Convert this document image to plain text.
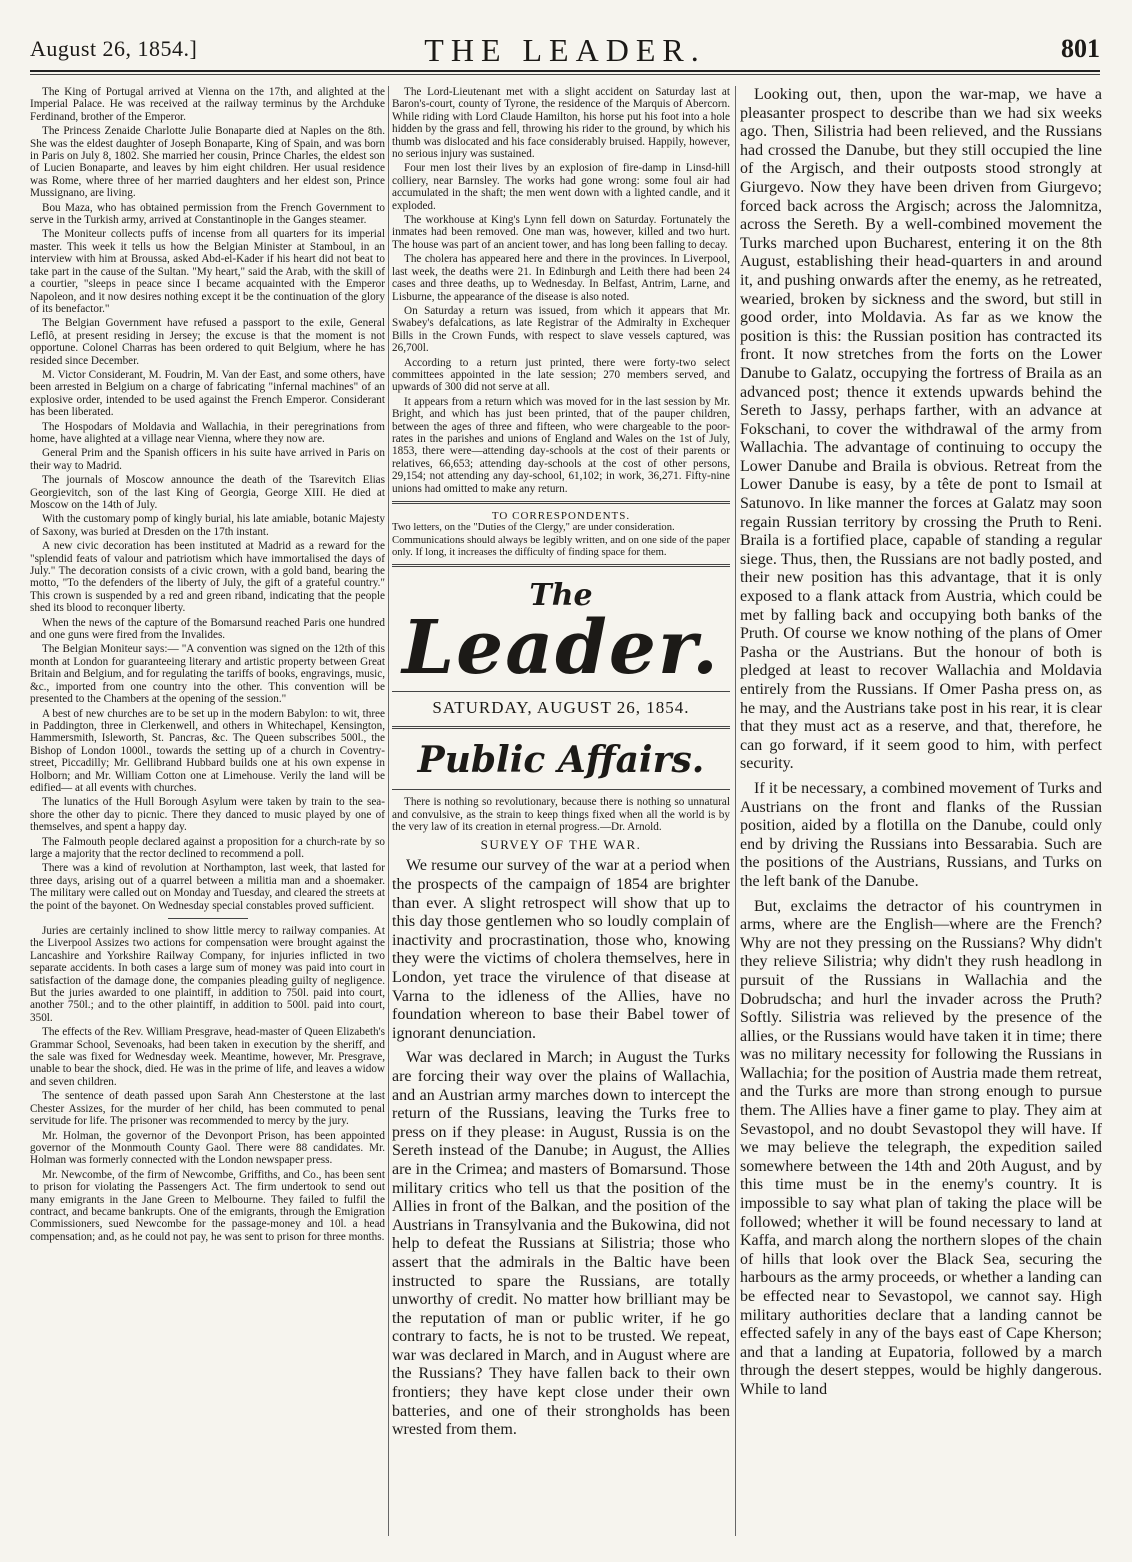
August 26, 1854.]	THE LEADER.	801

The King of Portugal arrived at Vienna on the 17th, and alighted at the Imperial Palace. He was received at the railway terminus by the Archduke Ferdinand, brother of the Emperor.

The Princess Zenaide Charlotte Julie Bonaparte died at Naples on the 8th. She was the eldest daughter of Joseph Bonaparte, King of Spain, and was born in Paris on July 8, 1802. She married her cousin, Prince Charles, the eldest son of Lucien Bonaparte, and leaves by him eight children. Her usual residence was Rome, where three of her married daughters and her eldest son, Prince Mussignano, are living.

Bou Maza, who has obtained permission from the French Government to serve in the Turkish army, arrived at Constantinople in the Ganges steamer.

The Moniteur collects puffs of incense from all quarters for its imperial master. This week it tells us how the Belgian Minister at Stamboul, in an interview with him at Broussa, asked Abd-el-Kader if his heart did not beat to take part in the cause of the Sultan. "My heart," said the Arab, with the skill of a courtier, "sleeps in peace since I became acquainted with the Emperor Napoleon, and it now desires nothing except it be the continuation of the glory of its benefactor."

The Belgian Government have refused a passport to the exile, General Leflô, at present residing in Jersey; the excuse is that the moment is not opportune. Colonel Charras has been ordered to quit Belgium, where he has resided since December.

M. Victor Considerant, M. Foudrin, M. Van der East, and some others, have been arrested in Belgium on a charge of fabricating "infernal machines" of an explosive order, intended to be used against the French Emperor. Considerant has been liberated.

The Hospodars of Moldavia and Wallachia, in their peregrinations from home, have alighted at a village near Vienna, where they now are.

General Prim and the Spanish officers in his suite have arrived in Paris on their way to Madrid.

The journals of Moscow announce the death of the Tsarevitch Elias Georgievitch, son of the last King of Georgia, George XIII. He died at Moscow on the 14th of July.

With the customary pomp of kingly burial, his late amiable, botanic Majesty of Saxony, was buried at Dresden on the 17th instant.

A new civic decoration has been instituted at Madrid as a reward for the "splendid feats of valour and patriotism which have immortalised the days of July." The decoration consists of a civic crown, with a gold band, bearing the motto, "To the defenders of the liberty of July, the gift of a grateful country." This crown is suspended by a red and green riband, indicating that the people shed its blood to reconquer liberty.

When the news of the capture of the Bomarsund reached Paris one hundred and one guns were fired from the Invalides.

The Belgian Moniteur says:— "A convention was signed on the 12th of this month at London for guaranteeing literary and artistic property between Great Britain and Belgium, and for regulating the tariffs of books, engravings, music, &c., imported from one country into the other. This convention will be presented to the Chambers at the opening of the session."

A best of new churches are to be set up in the modern Babylon: to wit, three in Paddington, three in Clerkenwell, and others in Whitechapel, Kensington, Hammersmith, Isleworth, St. Pancras, &c. The Queen subscribes 500l., the Bishop of London 1000l., towards the setting up of a church in Coventry-street, Piccadilly; Mr. Gellibrand Hubbard builds one at his own expense in Holborn; and Mr. William Cotton one at Limehouse. Verily the land will be edified— at all events with churches.

The lunatics of the Hull Borough Asylum were taken by train to the sea-shore the other day to picnic. There they danced to music played by one of themselves, and spent a happy day.

The Falmouth people declared against a proposition for a church-rate by so large a majority that the rector declined to recommend a poll.

There was a kind of revolution at Northampton, last week, that lasted for three days, arising out of a quarrel between a militia man and a shoemaker. The military were called out on Monday and Tuesday, and cleared the streets at the point of the bayonet. On Wednesday special constables proved sufficient.

Juries are certainly inclined to show little mercy to railway companies. At the Liverpool Assizes two actions for compensation were brought against the Lancashire and Yorkshire Railway Company, for injuries inflicted in two separate accidents. In both cases a large sum of money was paid into court in satisfaction of the damage done, the companies pleading guilty of negligence. But the juries awarded to one plaintiff, in addition to 750l. paid into court, another 750l.; and to the other plaintiff, in addition to 500l. paid into court, 350l.

The effects of the Rev. William Presgrave, head-master of Queen Elizabeth's Grammar School, Sevenoaks, had been taken in execution by the sheriff, and the sale was fixed for Wednesday week. Meantime, however, Mr. Presgrave, unable to bear the shock, died. He was in the prime of life, and leaves a widow and seven children.

The sentence of death passed upon Sarah Ann Chesterstone at the last Chester Assizes, for the murder of her child, has been commuted to penal servitude for life. The prisoner was recommended to mercy by the jury.

Mr. Holman, the governor of the Devonport Prison, has been appointed governor of the Monmouth County Gaol. There were 88 candidates. Mr. Holman was formerly connected with the London newspaper press.

Mr. Newcombe, of the firm of Newcombe, Griffiths, and Co., has been sent to prison for violating the Passengers Act. The firm undertook to send out many emigrants in the Jane Green to Melbourne. They failed to fulfil the contract, and became bankrupts. One of the emigrants, through the Emigration Commissioners, sued Newcombe for the passage-money and 10l. a head compensation; and, as he could not pay, he was sent to prison for three months.

The Lord-Lieutenant met with a slight accident on Saturday last at Baron's-court, county of Tyrone, the residence of the Marquis of Abercorn. While riding with Lord Claude Hamilton, his horse put his foot into a hole hidden by the grass and fell, throwing his rider to the ground, by which his thumb was dislocated and his face considerably bruised. Happily, however, no serious injury was sustained.

Four men lost their lives by an explosion of fire-damp in Linsd-hill colliery, near Barnsley. The works had gone wrong: some foul air had accumulated in the shaft; the men went down with a lighted candle, and it exploded.

The workhouse at King's Lynn fell down on Saturday. Fortunately the inmates had been removed. One man was, however, killed and two hurt. The house was part of an ancient tower, and has long been falling to decay.

The cholera has appeared here and there in the provinces. In Liverpool, last week, the deaths were 21. In Edinburgh and Leith there had been 24 cases and three deaths, up to Wednesday. In Belfast, Antrim, Larne, and Lisburne, the appearance of the disease is also noted.

On Saturday a return was issued, from which it appears that Mr. Swabey's defalcations, as late Registrar of the Admiralty in Exchequer Bills in the Crown Funds, with respect to slave vessels captured, was 26,700l.

According to a return just printed, there were forty-two select committees appointed in the late session; 270 members served, and upwards of 300 did not serve at all.

It appears from a return which was moved for in the last session by Mr. Bright, and which has just been printed, that of the pauper children, between the ages of three and fifteen, who were chargeable to the poor-rates in the parishes and unions of England and Wales on the 1st of July, 1853, there were—attending day-schools at the cost of their parents or relatives, 66,653; attending day-schools at the cost of other persons, 29,154; not attending any day-school, 61,102; in work, 36,271. Fifty-nine unions had omitted to make any return.

TO CORRESPONDENTS.

Two letters, on the "Duties of the Clergy," are under consideration.

Communications should always be legibly written, and on one side of the paper only. If long, it increases the difficulty of finding space for them.

The
Leader.
SATURDAY, AUGUST 26, 1854.
Public Affairs.

There is nothing so revolutionary, because there is nothing so unnatural and convulsive, as the strain to keep things fixed when all the world is by the very law of its creation in eternal progress.—Dr. Arnold.

SURVEY OF THE WAR.

We resume our survey of the war at a period when the prospects of the campaign of 1854 are brighter than ever. A slight retrospect will show that up to this day those gentlemen who so loudly complain of inactivity and procrastination, those who, knowing they were the victims of cholera themselves, here in London, yet trace the virulence of that disease at Varna to the idleness of the Allies, have no foundation whereon to base their Babel tower of ignorant denunciation.

War was declared in March; in August the Turks are forcing their way over the plains of Wallachia, and an Austrian army marches down to intercept the return of the Russians, leaving the Turks free to press on if they please: in August, Russia is on the Sereth instead of the Danube; in August, the Allies are in the Crimea; and masters of Bomarsund. Those military critics who tell us that the position of the Allies in front of the Balkan, and the position of the Austrians in Transylvania and the Bukowina, did not help to defeat the Russians at Silistria; those who assert that the admirals in the Baltic have been instructed to spare the Russians, are totally unworthy of credit. No matter how brilliant may be the reputation of man or public writer, if he go contrary to facts, he is not to be trusted. We repeat, war was declared in March, and in August where are the Russians? They have fallen back to their own frontiers; they have kept close under their own batteries, and one of their strongholds has been wrested from them.

Looking out, then, upon the war-map, we have a pleasanter prospect to describe than we had six weeks ago. Then, Silistria had been relieved, and the Russians had crossed the Danube, but they still occupied the line of the Argisch, and their outposts stood strongly at Giurgevo. Now they have been driven from Giurgevo; forced back across the Argisch; across the Jalomnitza, across the Sereth. By a well-combined movement the Turks marched upon Bucharest, entering it on the 8th August, establishing their head-quarters in and around it, and pushing onwards after the enemy, as he retreated, wearied, broken by sickness and the sword, but still in good order, into Moldavia. As far as we know the position is this: the Russian position has contracted its front. It now stretches from the forts on the Lower Danube to Galatz, occupying the fortress of Braila as an advanced post; thence it extends upwards behind the Sereth to Jassy, perhaps farther, with an advance at Fokschani, to cover the withdrawal of the army from Wallachia. The advantage of continuing to occupy the Lower Danube and Braila is obvious. Retreat from the Lower Danube is easy, by a tête de pont to Ismail at Satunovo. In like manner the forces at Galatz may soon regain Russian territory by crossing the Pruth to Reni. Braila is a fortified place, capable of standing a regular siege. Thus, then, the Russians are not badly posted, and their new position has this advantage, that it is only exposed to a flank attack from Austria, which could be met by falling back and occupying both banks of the Pruth. Of course we know nothing of the plans of Omer Pasha or the Austrians. But the honour of both is pledged at least to recover Wallachia and Moldavia entirely from the Russians. If Omer Pasha press on, as he may, and the Austrians take post in his rear, it is clear that they must act as a reserve, and that, therefore, he can go forward, if it seem good to him, with perfect security.

If it be necessary, a combined movement of Turks and Austrians on the front and flanks of the Russian position, aided by a flotilla on the Danube, could only end by driving the Russians into Bessarabia. Such are the positions of the Austrians, Russians, and Turks on the left bank of the Danube.

But, exclaims the detractor of his countrymen in arms, where are the English—where are the French? Why are not they pressing on the Russians? Why didn't they relieve Silistria; why didn't they rush headlong in pursuit of the Russians in Wallachia and the Dobrudscha; and hurl the invader across the Pruth? Softly. Silistria was relieved by the presence of the allies, or the Russians would have taken it in time; there was no military necessity for following the Russians in Wallachia; for the position of Austria made them retreat, and the Turks are more than strong enough to pursue them. The Allies have a finer game to play. They aim at Sevastopol, and no doubt Sevastopol they will have. If we may believe the telegraph, the expedition sailed somewhere between the 14th and 20th August, and by this time must be in the enemy's country. It is impossible to say what plan of taking the place will be followed; whether it will be found necessary to land at Kaffa, and march along the northern slopes of the chain of hills that look over the Black Sea, securing the harbours as the army proceeds, or whether a landing can be effected near to Sevastopol, we cannot say. High military authorities declare that a landing cannot be effected safely in any of the bays east of Cape Kherson; and that a landing at Eupatoria, followed by a march through the desert steppes, would be highly dangerous. While to land
